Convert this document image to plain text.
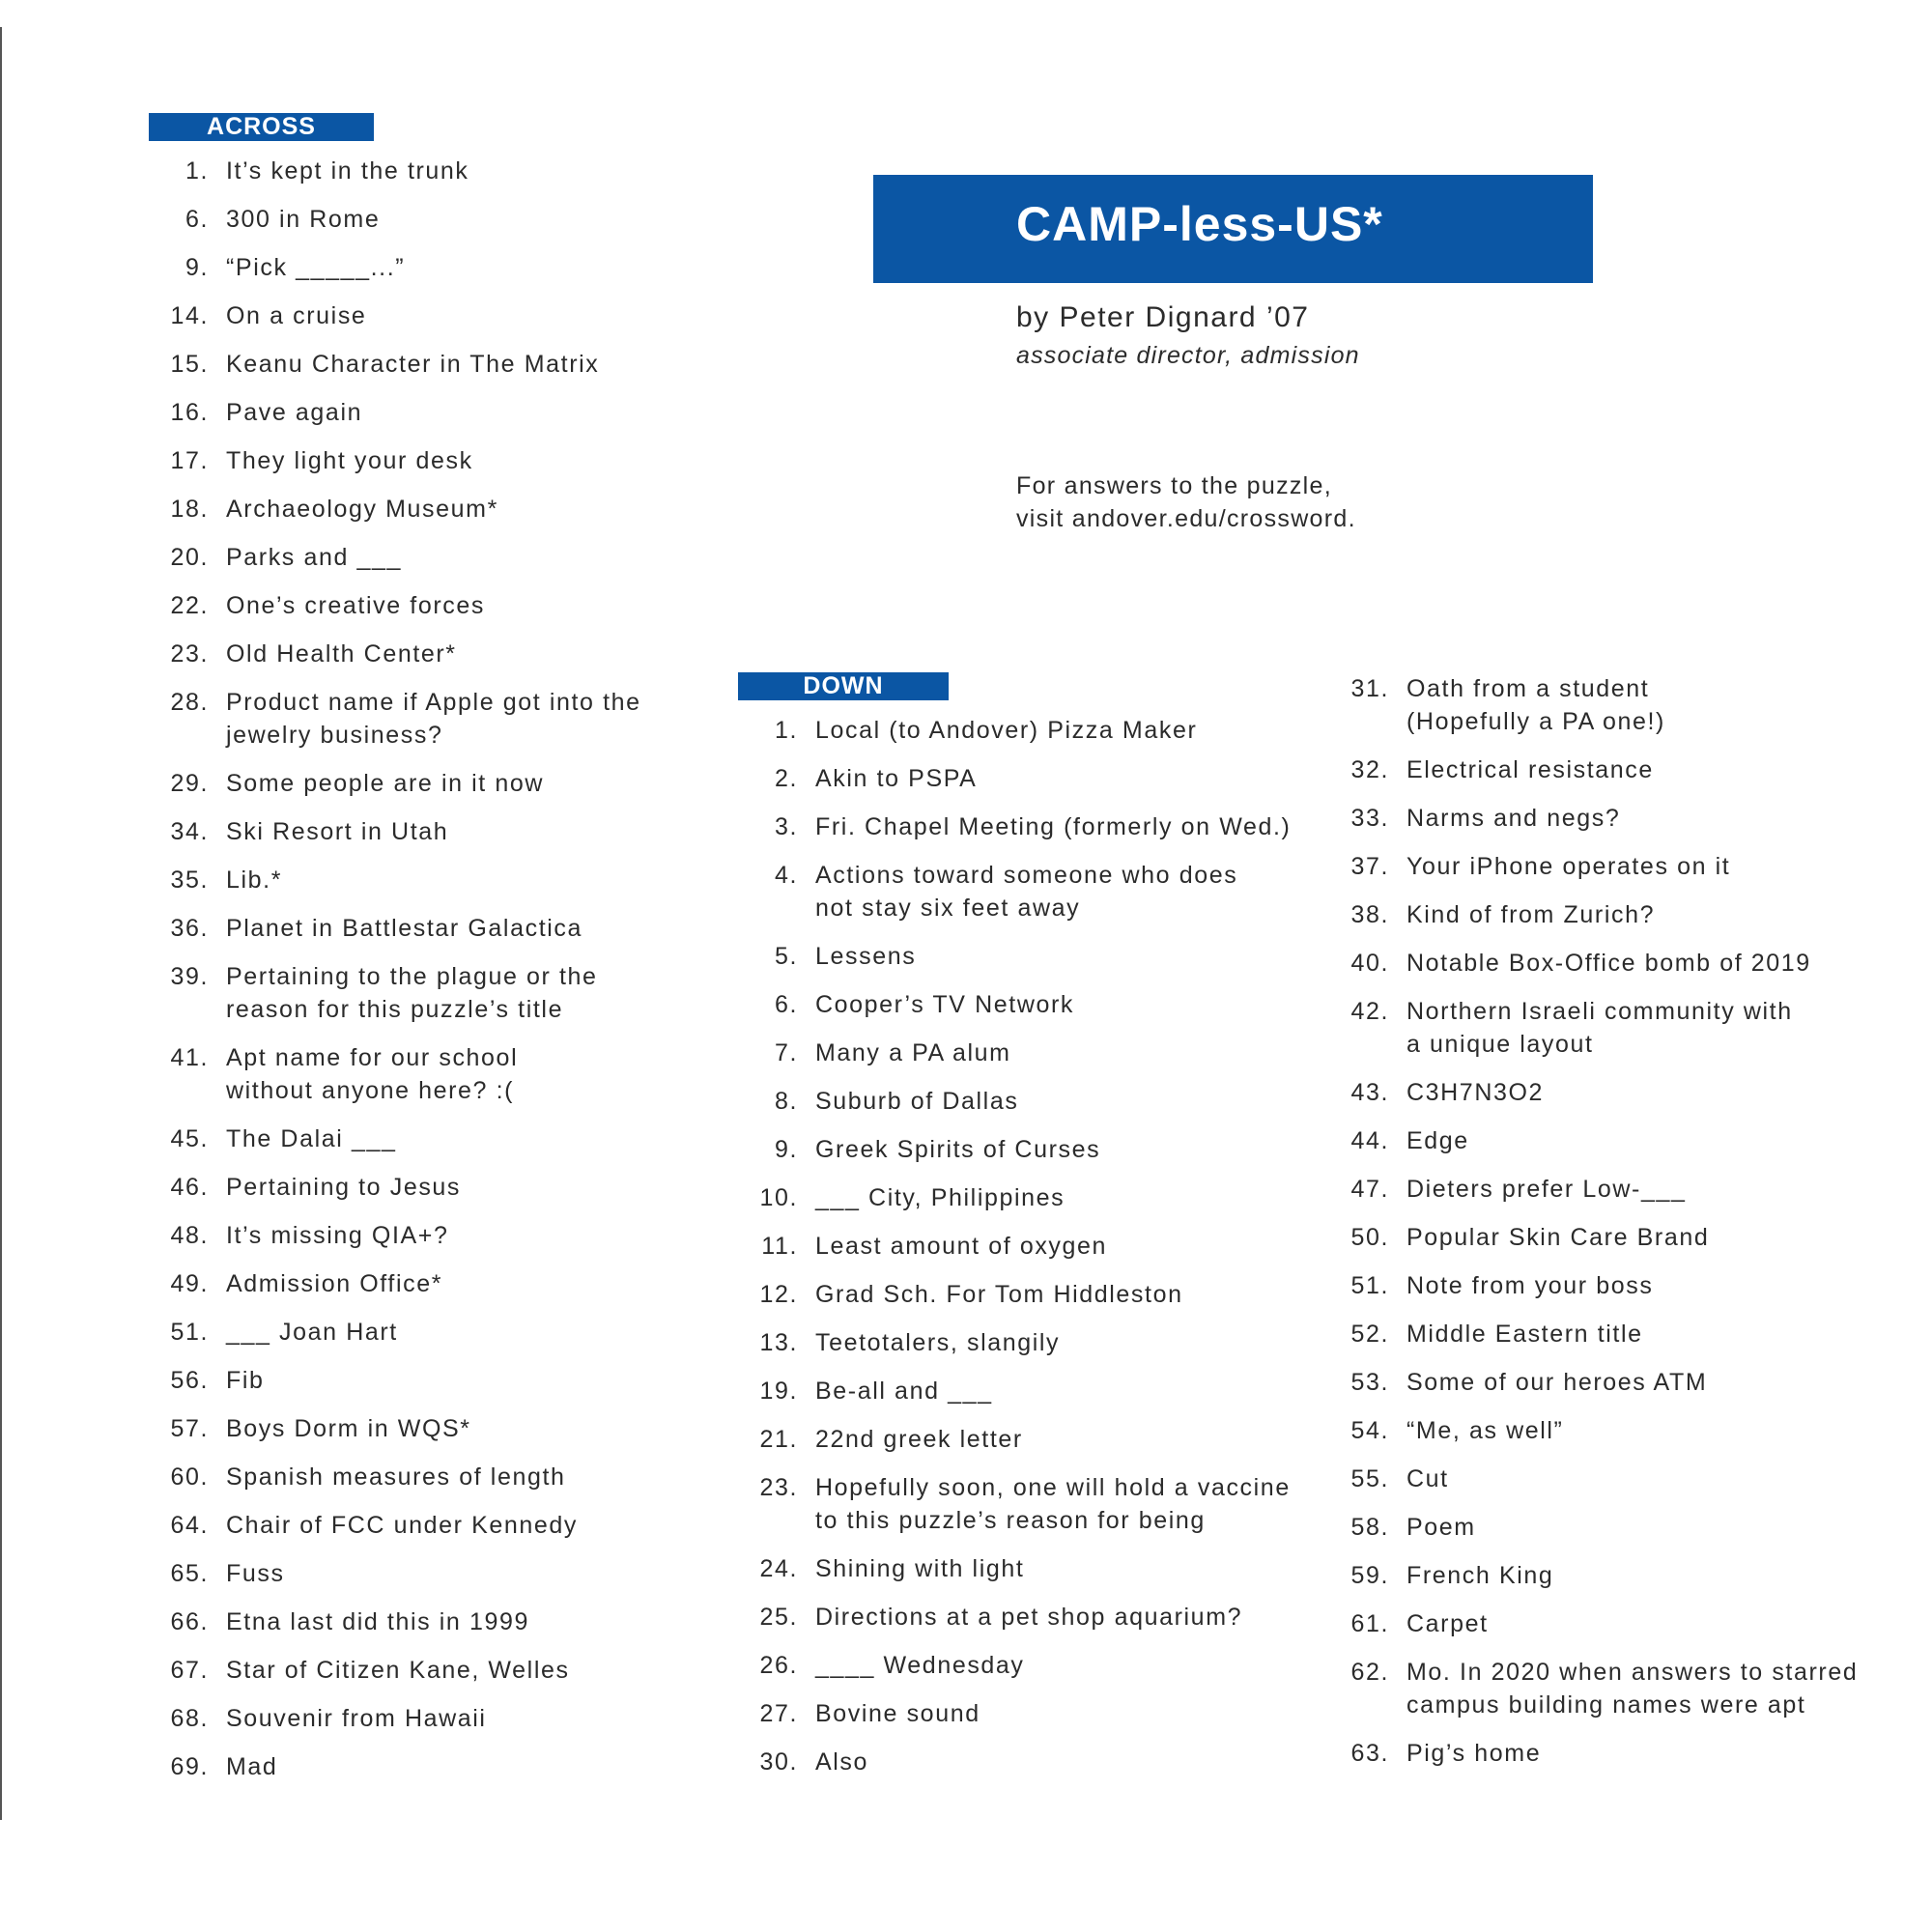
ACROSS
1. It’s kept in the trunk
6. 300 in Rome
9. “Pick _____...”
14. On a cruise
15. Keanu Character in The Matrix
16. Pave again
17. They light your desk
18. Archaeology Museum*
20. Parks and ___
22. One’s creative forces
23. Old Health Center*
28. Product name if Apple got into the
jewelry business?
29. Some people are in it now
34. Ski Resort in Utah
35. Lib.*
36. Planet in Battlestar Galactica
39. Pertaining to the plague or the
reason for this puzzle’s title
41. Apt name for our school
without anyone here? :(
45. The Dalai ___
46. Pertaining to Jesus
48. It’s missing QIA+?
49. Admission Office*
51. ___ Joan Hart
56. Fib
57. Boys Dorm in WQS*
60. Spanish measures of length
64. Chair of FCC under Kennedy
65. Fuss
66. Etna last did this in 1999
67. Star of Citizen Kane, Welles
68. Souvenir from Hawaii
69. Mad
CAMP-less-US*
by Peter Dignard ’07
associate director, admission
For answers to the puzzle,
visit andover.edu/crossword.
DOWN
1. Local (to Andover) Pizza Maker
2. Akin to PSPA
3. Fri. Chapel Meeting (formerly on Wed.)
4. Actions toward someone who does
not stay six feet away
5. Lessens
6. Cooper’s TV Network
7. Many a PA alum
8. Suburb of Dallas
9. Greek Spirits of Curses
10. ___ City, Philippines
11. Least amount of oxygen
12. Grad Sch. For Tom Hiddleston
13. Teetotalers, slangily
19. Be-all and ___
21. 22nd greek letter
23. Hopefully soon, one will hold a vaccine
to this puzzle’s reason for being
24. Shining with light
25. Directions at a pet shop aquarium?
26. ____ Wednesday
27. Bovine sound
30. Also
31. Oath from a student
(Hopefully a PA one!)
32. Electrical resistance
33. Narms and negs?
37. Your iPhone operates on it
38. Kind of from Zurich?
40. Notable Box-Office bomb of 2019
42. Northern Israeli community with
a unique layout
43. C3H7N3O2
44. Edge
47. Dieters prefer Low-___
50. Popular Skin Care Brand
51. Note from your boss
52. Middle Eastern title
53. Some of our heroes ATM
54. “Me, as well”
55. Cut
58. Poem
59. French King
61. Carpet
62. Mo. In 2020 when answers to starred
campus building names were apt
63. Pig’s home
